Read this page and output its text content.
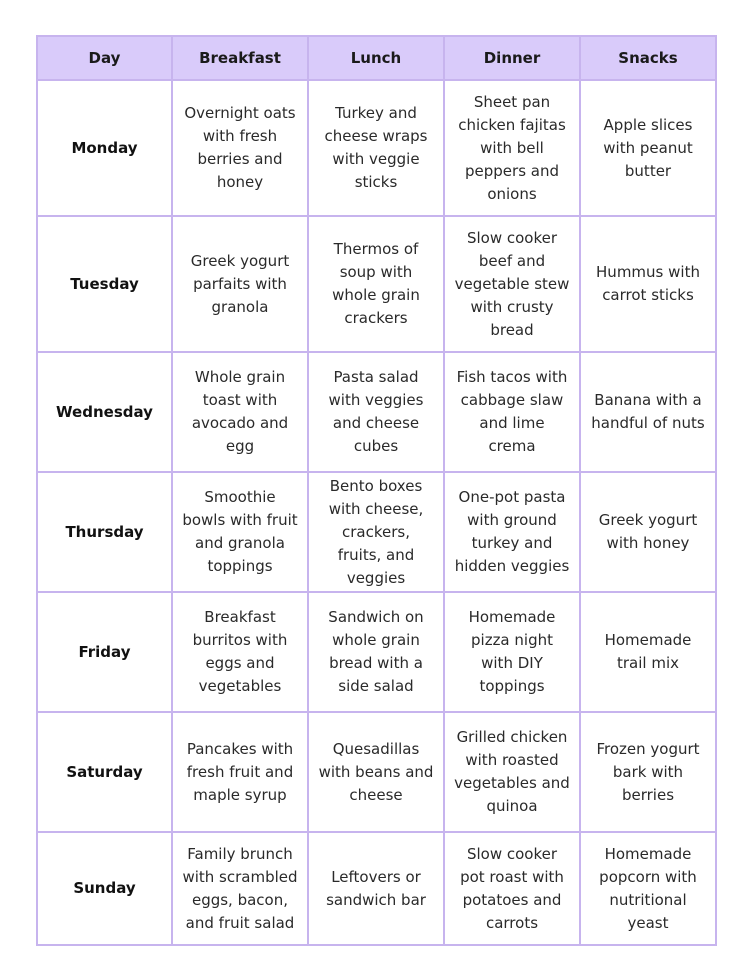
Day	Breakfast	Lunch	Dinner	Snacks
Monday	Overnight oats with fresh berries and honey	Turkey and cheese wraps with veggie sticks	Sheet pan chicken fajitas with bell peppers and onions	Apple slices with peanut butter
Tuesday	Greek yogurt parfaits with granola	Thermos of soup with whole grain crackers	Slow cooker beef and vegetable stew with crusty bread	Hummus with carrot sticks
Wednesday	Whole grain toast with avocado and egg	Pasta salad with veggies and cheese cubes	Fish tacos with cabbage slaw and lime crema	Banana with a handful of nuts
Thursday	Smoothie bowls with fruit and granola toppings	Bento boxes with cheese, crackers, fruits, and veggies	One-pot pasta with ground turkey and hidden veggies	Greek yogurt with honey
Friday	Breakfast burritos with eggs and vegetables	Sandwich on whole grain bread with a side salad	Homemade pizza night with DIY toppings	Homemade trail mix
Saturday	Pancakes with fresh fruit and maple syrup	Quesadillas with beans and cheese	Grilled chicken with roasted vegetables and quinoa	Frozen yogurt bark with berries
Sunday	Family brunch with scrambled eggs, bacon, and fruit salad	Leftovers or sandwich bar	Slow cooker pot roast with potatoes and carrots	Homemade popcorn with nutritional yeast
